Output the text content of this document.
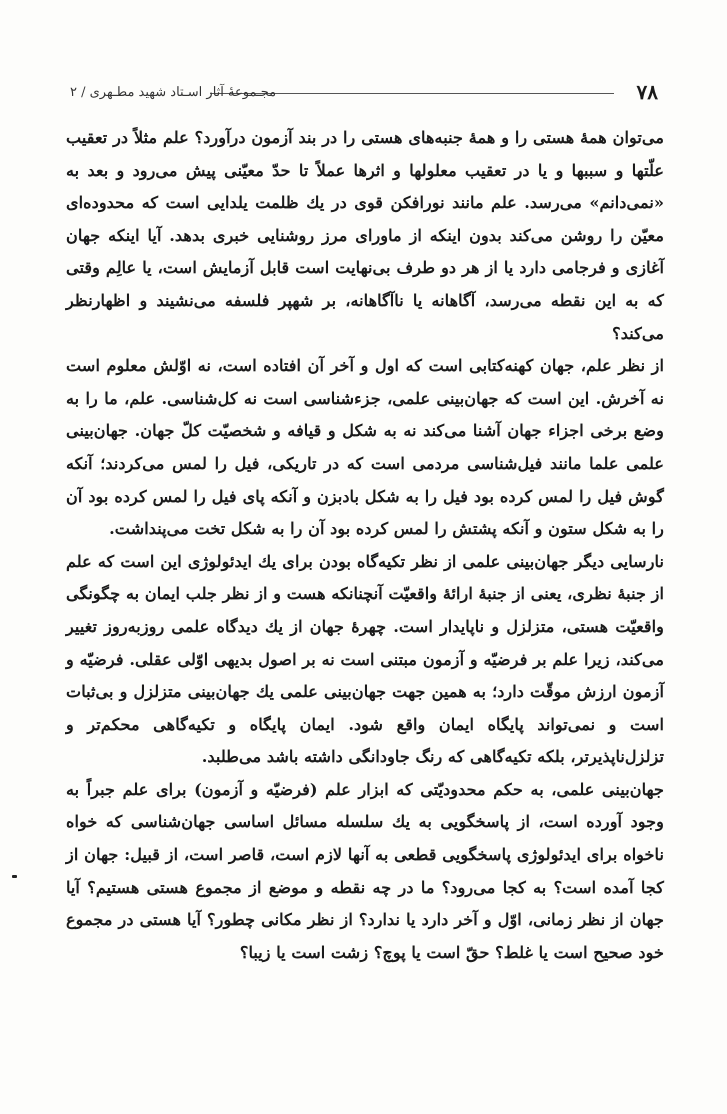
۷۸
مجـموعهٔ آثار اسـتاد شهید مطـهری / ۲

می‌توان همهٔ هستی را و همهٔ جنبه‌های هستی را در بند آزمون درآورد؟ علم مثلاً در تعقیب علّتها و سببها و یا در تعقیب معلولها و اثرها عملاً تا حدّ معیّنی پیش می‌رود و بعد به «نمی‌دانم» می‌رسد. علم مانند نورافکن قوی در یك ظلمت یلدایی است که محدوده‌ای معیّن را روشن می‌کند بدون اینکه از ماورای مرز روشنایی خبری بدهد. آیا اینکه جهان آغازی و فرجامی دارد یا از هر دو طرف بی‌نهایت است قابل آزمایش است، یا عالِم وقتی که به این نقطه می‌رسد، آگاهانه یا ناآگاهانه، بر شهپر فلسفه می‌نشیند و اظهارنظر می‌کند؟

از نظر علم، جهان کهنه‌کتابی است که اول و آخر آن افتاده است، نه اوّلش معلوم است نه آخرش. این است که جهان‌بینی علمی، جزءشناسی است نه کل‌شناسی. علم، ما را به وضع برخی اجزاء جهان آشنا می‌کند نه به شکل و قیافه و شخصیّت کلّ جهان. جهان‌بینی علمی علما مانند فیل‌شناسی مردمی است که در تاریکی، فیل را لمس می‌کردند؛ آنکه گوش فیل را لمس کرده بود فیل را به شکل بادبزن و آنکه پای فیل را لمس کرده بود آن را به شکل ستون و آنکه پشتش را لمس کرده بود آن را به شکل تخت می‌پنداشت.

نارسایی دیگر جهان‌بینی علمی از نظر تکیه‌گاه بودن برای یك ایدئولوژی این است که علم از جنبهٔ نظری، یعنی از جنبهٔ ارائهٔ واقعیّت آنچنانکه هست و از نظر جلب ایمان به چگونگی واقعیّت هستی، متزلزل و ناپایدار است. چهرهٔ جهان از یك دیدگاه علمی روزبه‌روز تغییر می‌کند، زیرا علم بر فرضیّه و آزمون مبتنی است نه بر اصول بدیهی اوّلی عقلی. فرضیّه و آزمون ارزش موقّت دارد؛ به همین جهت جهان‌بینی علمی یك جهان‌بینی متزلزل و بی‌ثبات است و نمی‌تواند پایگاه ایمان واقع شود. ایمان پایگاه و تکیه‌گاهی محکم‌تر و تزلزل‌ناپذیرتر، بلکه تکیه‌گاهی که رنگ جاودانگی داشته باشد می‌طلبد.

جهان‌بینی علمی، به حکم محدودیّتی که ابزار علم (فرضیّه و آزمون) برای علم جبراً به وجود آورده است، از پاسخگویی به یك سلسله مسائل اساسی جهان‌شناسی که خواه ناخواه برای ایدئولوژی پاسخگویی قطعی به آنها لازم است، قاصر است، از قبیل: جهان از کجا آمده است؟ به کجا می‌رود؟ ما در چه نقطه و موضع از مجموع هستی هستیم؟ آیا جهان از نظر زمانی، اوّل و آخر دارد یا ندارد؟ از نظر مکانی چطور؟ آیا هستی در مجموع خود صحیح است یا غلط؟ حقّ است یا پوچ؟ زشت است یا زیبا؟
